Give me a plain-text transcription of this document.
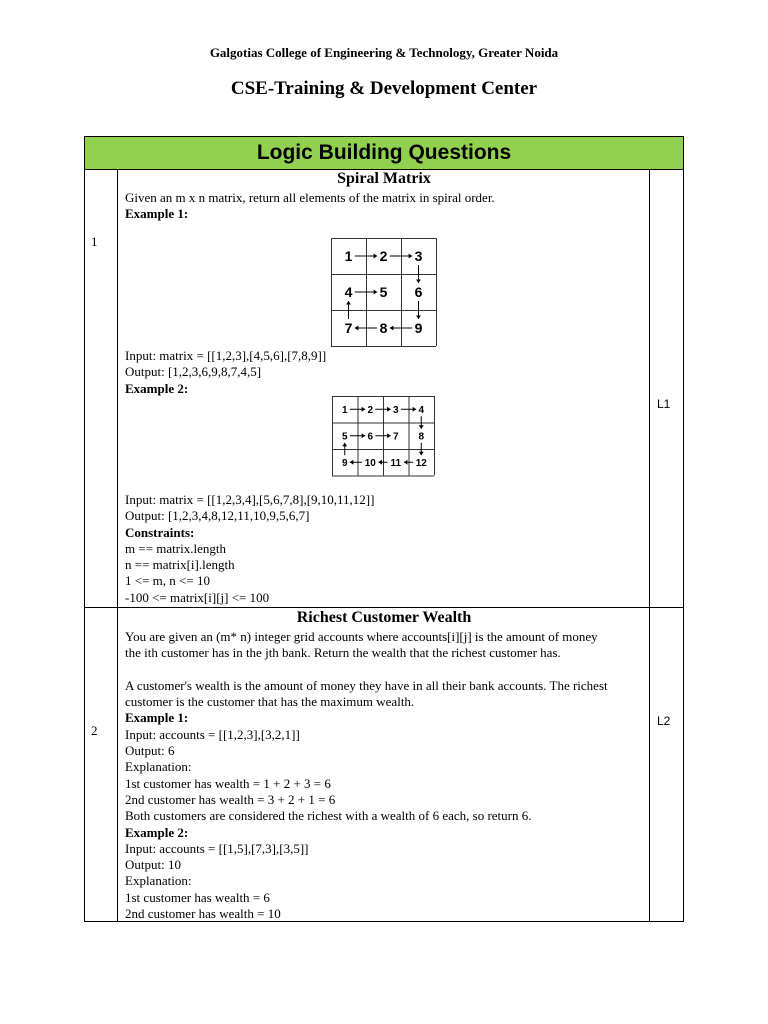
Galgotias College of Engineering & Technology, Greater Noida
CSE-Training & Development Center
Logic Building Questions
1
L1
Spiral Matrix

Given an m x n matrix, return all elements of the matrix in spiral order.

Example 1:

1 2 3
4 5 6
7 8 9

Input: matrix = [[1,2,3],[4,5,6],[7,8,9]]

Output: [1,2,3,6,9,8,7,4,5]

Example 2:

1 2 3 4
5 6 7 8
9 10 11 12

Input: matrix = [[1,2,3,4],[5,6,7,8],[9,10,11,12]]

Output: [1,2,3,4,8,12,11,10,9,5,6,7]

Constraints:

m == matrix.length

n == matrix[i].length

1 <= m, n <= 10

-100 <= matrix[i][j] <= 100

2
L2
Richest Customer Wealth

You are given an (m* n) integer grid accounts where accounts[i][j] is the amount of money

the ith customer has in the jth bank. Return the wealth that the richest customer has.

A customer's wealth is the amount of money they have in all their bank accounts. The richest

customer is the customer that has the maximum wealth.

Example 1:

Input: accounts = [[1,2,3],[3,2,1]]

Output: 6

Explanation:

1st customer has wealth = 1 + 2 + 3 = 6

2nd customer has wealth = 3 + 2 + 1 = 6

Both customers are considered the richest with a wealth of 6 each, so return 6.

Example 2:

Input: accounts = [[1,5],[7,3],[3,5]]

Output: 10

Explanation:

1st customer has wealth = 6

2nd customer has wealth = 10
